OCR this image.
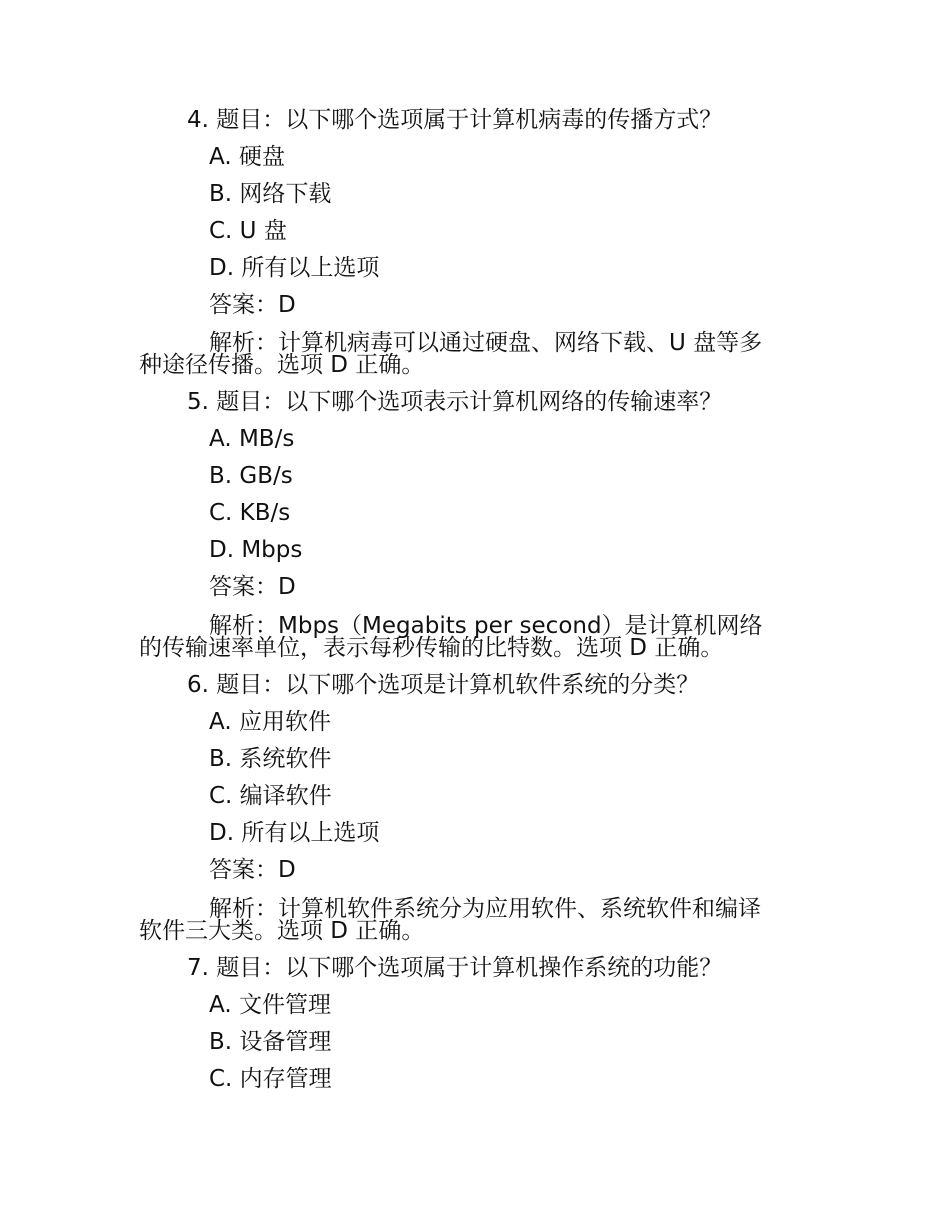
4. 题目：以下哪个选项属于计算机病毒的传播方式？
A. 硬盘
B. 网络下载
C. U 盘
D. 所有以上选项
答案：D
解析：计算机病毒可以通过硬盘、网络下载、U 盘等多
种途径传播。选项 D 正确。
5. 题目：以下哪个选项表示计算机网络的传输速率？
A. MB/s
B. GB/s
C. KB/s
D. Mbps
答案：D
解析：Mbps（Megabits per second）是计算机网络
的传输速率单位，表示每秒传输的比特数。选项 D 正确。
6. 题目：以下哪个选项是计算机软件系统的分类？
A. 应用软件
B. 系统软件
C. 编译软件
D. 所有以上选项
答案：D
解析：计算机软件系统分为应用软件、系统软件和编译
软件三大类。选项 D 正确。
7. 题目：以下哪个选项属于计算机操作系统的功能？
A. 文件管理
B. 设备管理
C. 内存管理
